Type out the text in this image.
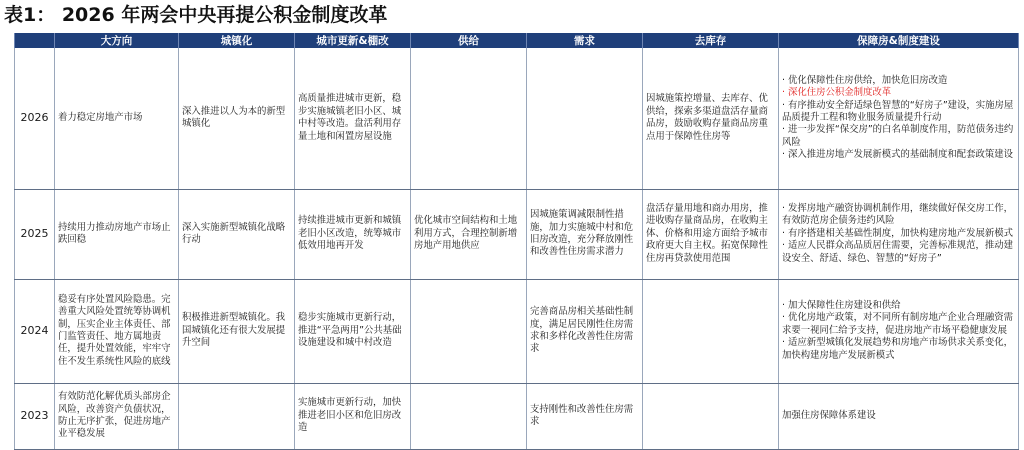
表1： 2026 年两会中央再提公积金制度改革
	大方向	城镇化	城市更新&棚改	供给	需求	去库存	保障房&制度建设
2026	着力稳定房地产市场	深入推进以人为本的新型城镇化	高质量推进城市更新，稳步实施城镇老旧小区、城中村等改造。盘活利用存量土地和闲置房屋设施			因城施策控增量、去库存、优供给，探索多渠道盘活存量商品房，鼓励收购存量商品房重点用于保障性住房等	· 优化保障性住房供给，加快危旧房改造
· 深化住房公积金制度改革
· 有序推动安全舒适绿色智慧的“好房子”建设，实施房屋品质提升工程和物业服务质量提升行动
· 进一步发挥“保交房”的白名单制度作用，防范债务违约风险
· 深入推进房地产发展新模式的基础制度和配套政策建设

2025	持续用力推动房地产市场止跌回稳	深入实施新型城镇化战略行动	持续推进城市更新和城镇老旧小区改造，统筹城市低效用地再开发	优化城市空间结构和土地利用方式，合理控制新增房地产用地供应	因城施策调减限制性措施，加力实施城中村和危旧房改造，充分释放刚性和改善性住房需求潜力	盘活存量用地和商办用房，推进收购存量商品房，在收购主体、价格和用途方面给予城市政府更大自主权。拓宽保障性住房再贷款使用范围	· 发挥房地产融资协调机制作用，继续做好保交房工作，有效防范房企债务违约风险
· 有序搭建相关基础性制度，加快构建房地产发展新模式
· 适应人民群众高品质居住需要，完善标准规范，推动建设安全、舒适、绿色、智慧的“好房子”

2024	稳妥有序处置风险隐患。完善重大风险处置统筹协调机制，压实企业主体责任、部门监管责任、地方属地责任，提升处置效能，牢牢守住不发生系统性风险的底线	积极推进新型城镇化。我国城镇化还有很大发展提升空间	稳步实施城市更新行动，推进“平急两用”公共基础设施建设和城中村改造		完善商品房相关基础性制度，满足居民刚性住房需求和多样化改善性住房需求		· 加大保障性住房建设和供给
· 优化房地产政策，对不同所有制房地产企业合理融资需求要一视同仁给予支持，促进房地产市场平稳健康发展
· 适应新型城镇化发展趋势和房地产市场供求关系变化，加快构建房地产发展新模式

2023	有效防范化解优质头部房企风险，改善资产负债状况，防止无序扩张，促进房地产业平稳发展		实施城市更新行动，加快推进老旧小区和危旧房改造		支持刚性和改善性住房需求		加强住房保障体系建设
